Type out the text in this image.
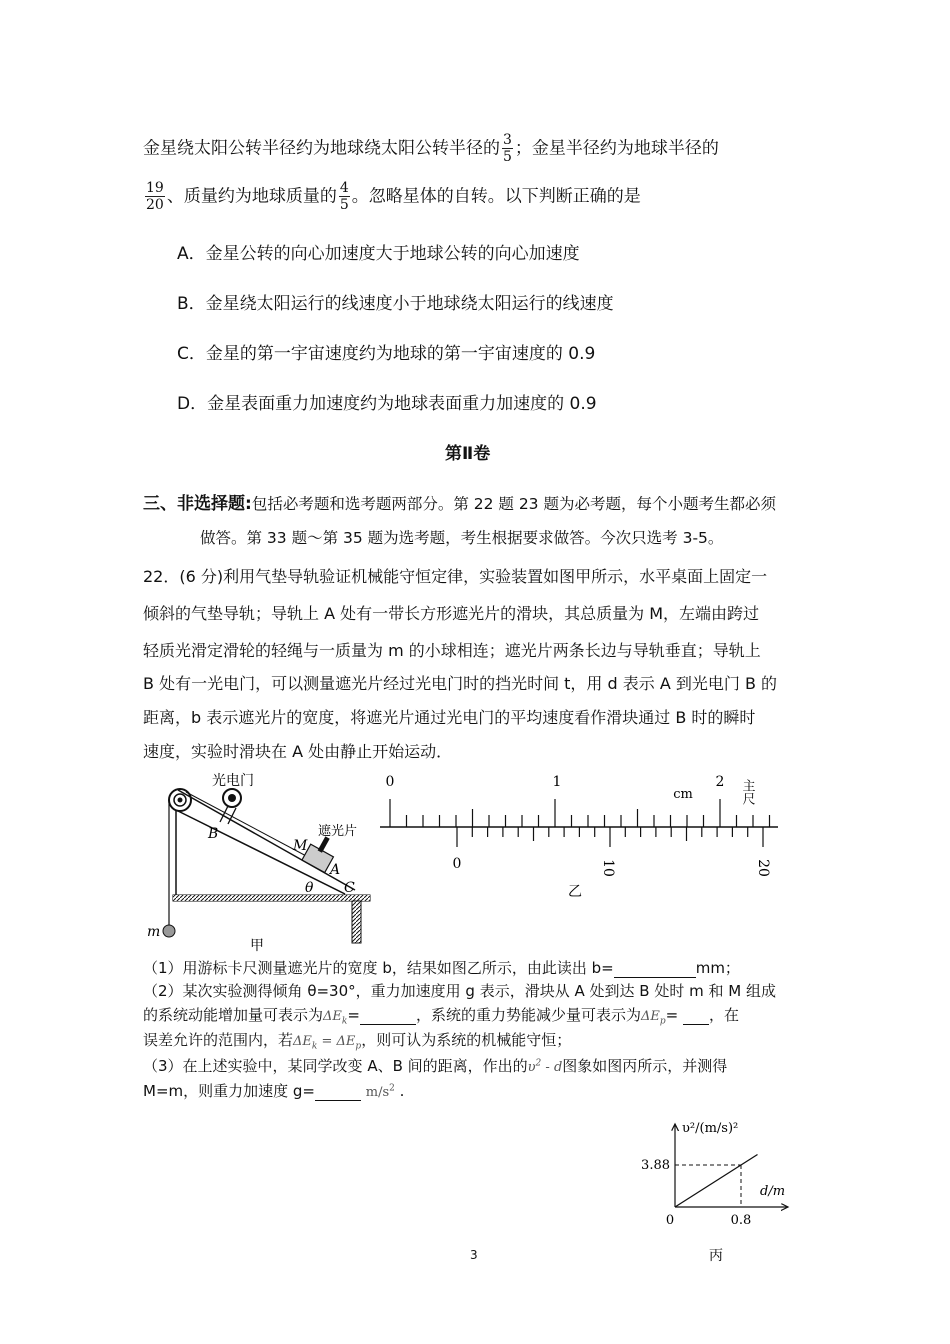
金星绕太阳公转半径约为地球绕太阳公转半径的 $\frac{3}{5}$ ；金星半径约为地球半径的
$\frac{19}{20}$ 、质量约为地球质量的 $\frac{4}{5}$ 。忽略星体的自转。以下判断正确的是
A．金星公转的向心加速度大于地球公转的向心加速度
B．金星绕太阳运行的线速度小于地球绕太阳运行的线速度
C．金星的第一宇宙速度约为地球的第一宇宙速度的 0.9
D．金星表面重力加速度约为地球表面重力加速度的 0.9
第Ⅱ卷
三、非选择题:包括必考题和选考题两部分。第 22 题 23 题为必考题，每个小题考生都必须
做答。第 33 题～第 35 题为选考题，考生根据要求做答。今次只选考 3-5。
22．(6 分)利用气垫导轨验证机械能守恒定律，实验装置如图甲所示，水平桌面上固定一
倾斜的气垫导轨；导轨上 A 处有一带长方形遮光片的滑块，其总质量为 M，左端由跨过
轻质光滑定滑轮的轻绳与一质量为 m 的小球相连；遮光片两条长边与导轨垂直；导轨上
B 处有一光电门，可以测量遮光片经过光电门时的挡光时间 t，用 d 表示 A 到光电门 B 的
距离，b 表示遮光片的宽度，将遮光片通过光电门的平均速度看作滑块通过 B 时的瞬时
速度，实验时滑块在 A 处由静止开始运动．
光电门
B	遮光片
M
A
θ C
m
甲
0	1	2
cm	主尺
0	10	20
乙
（1）用游标卡尺测量遮光片的宽度 b，结果如图乙所示，由此读出 b=	mm；
（2）某次实验测得倾角 θ=30°，重力加速度用 g 表示，滑块从 A 处到达 B 处时 m 和 M 组成
的系统动能增加量可表示为$\Delta E_k=$	，系统的重力势能减少量可表示为$\Delta E_p=$ ，在
误差允许的范围内，若$\Delta E_k = \Delta E_p$，则可认为系统的机械能守恒；
（3）在上述实验中，某同学改变 A、B 间的距离，作出的$\upsilon^2$ - d图象如图丙所示，并测得
M=m，则重力加速度 g=	$m/s^2$ .
υ²/(m/s)²
d/m
3.88
0.8
0
丙
3
